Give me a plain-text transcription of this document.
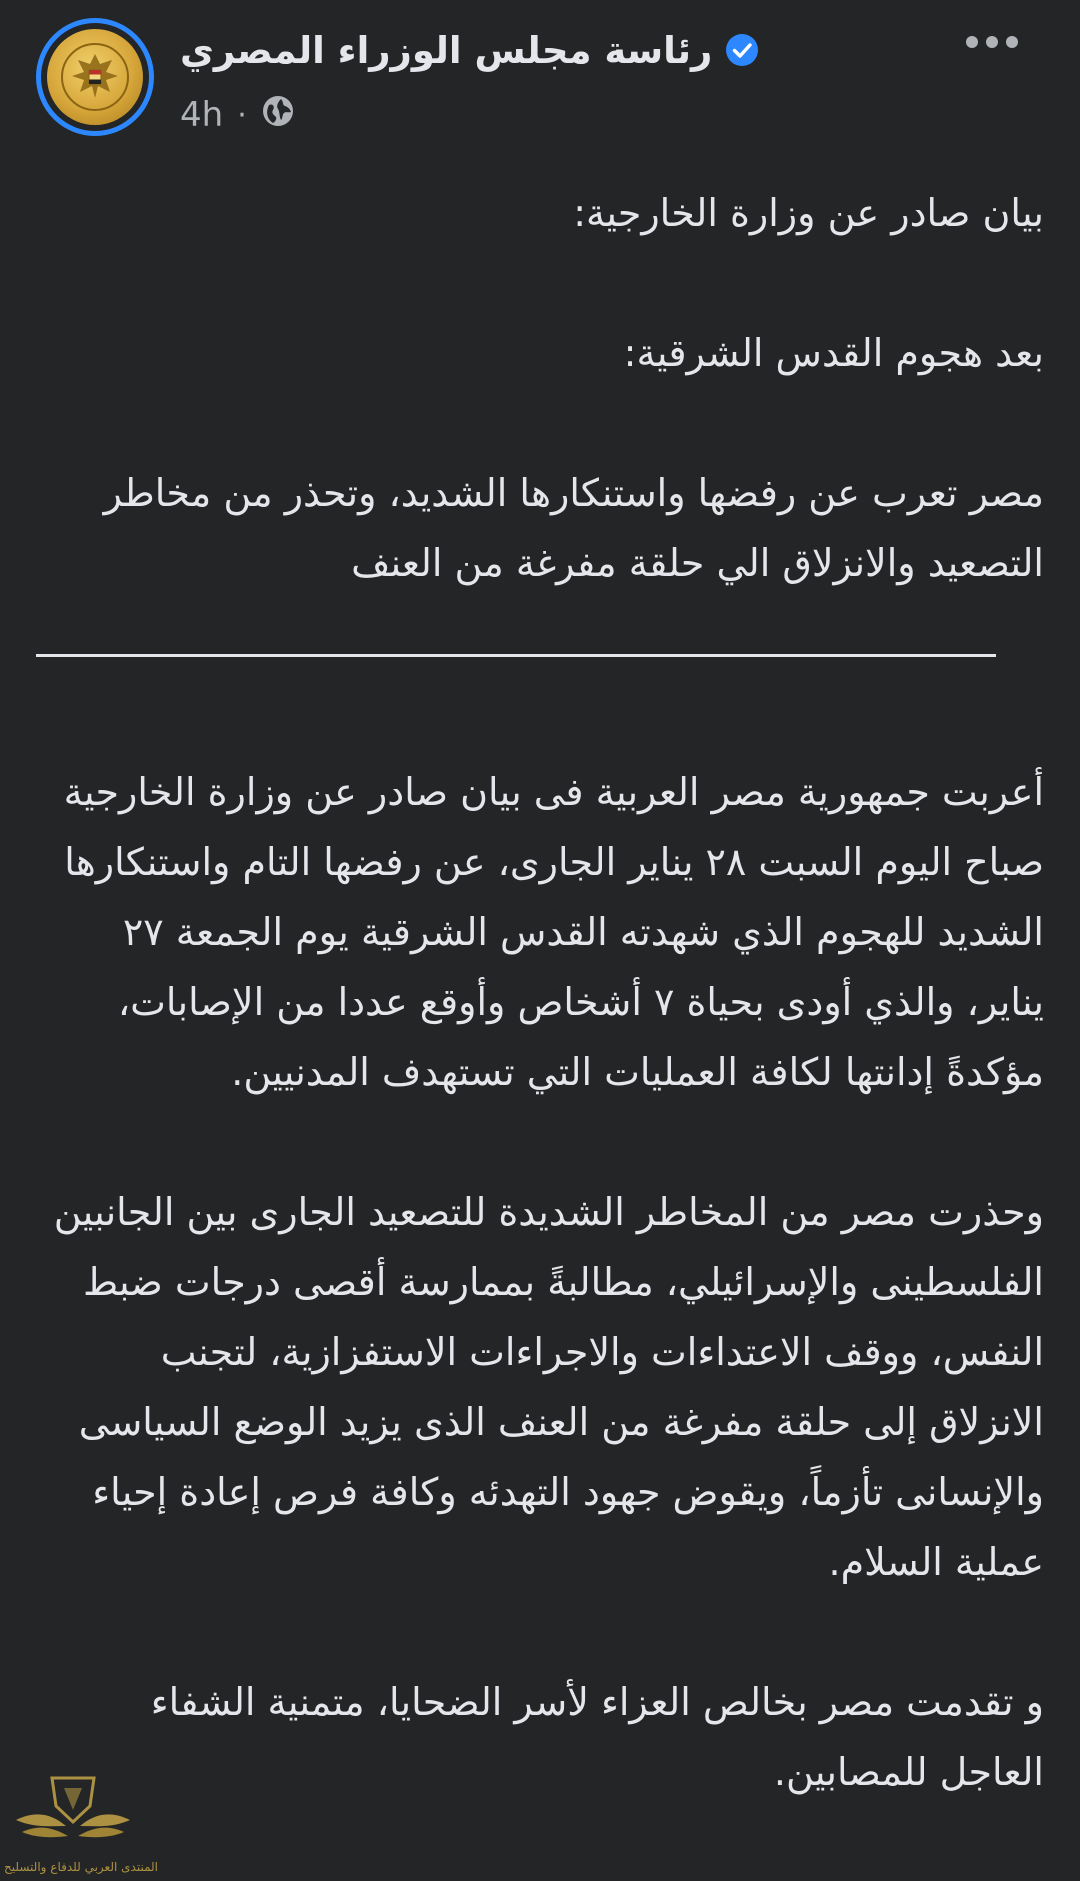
رئاسة مجلس الوزراء المصري
4h ·

بيان صادر عن وزارة الخارجية:

بعد هجوم القدس الشرقية:

مصر تعرب عن رفضها واستنكارها الشديد، وتحذر من مخاطر التصعيد والانزلاق الي حلقة مفرغة من العنف

أعربت جمهورية مصر العربية فى بيان صادر عن وزارة الخارجية صباح اليوم السبت ٢٨ يناير الجارى، عن رفضها التام واستنكارها الشديد للهجوم الذي شهدته القدس الشرقية يوم الجمعة ٢٧ يناير، والذي أودى بحياة ٧ أشخاص وأوقع عددا من الإصابات، مؤكدةً إدانتها لكافة العمليات التي تستهدف المدنيين.

وحذرت مصر من المخاطر الشديدة للتصعيد الجارى بين الجانبين الفلسطينى والإسرائيلي، مطالبةً بممارسة أقصى درجات ضبط النفس، ووقف الاعتداءات والاجراءات الاستفزازية، لتجنب الانزلاق إلى حلقة مفرغة من العنف الذى يزيد الوضع السياسى والإنسانى تأزماً، ويقوض جهود التهدئه وكافة فرص إعادة إحياء عملية السلام.

و تقدمت مصر بخالص العزاء لأسر الضحايا، متمنية الشفاء العاجل للمصابين.

المنتدى العربي للدفاع والتسليح
